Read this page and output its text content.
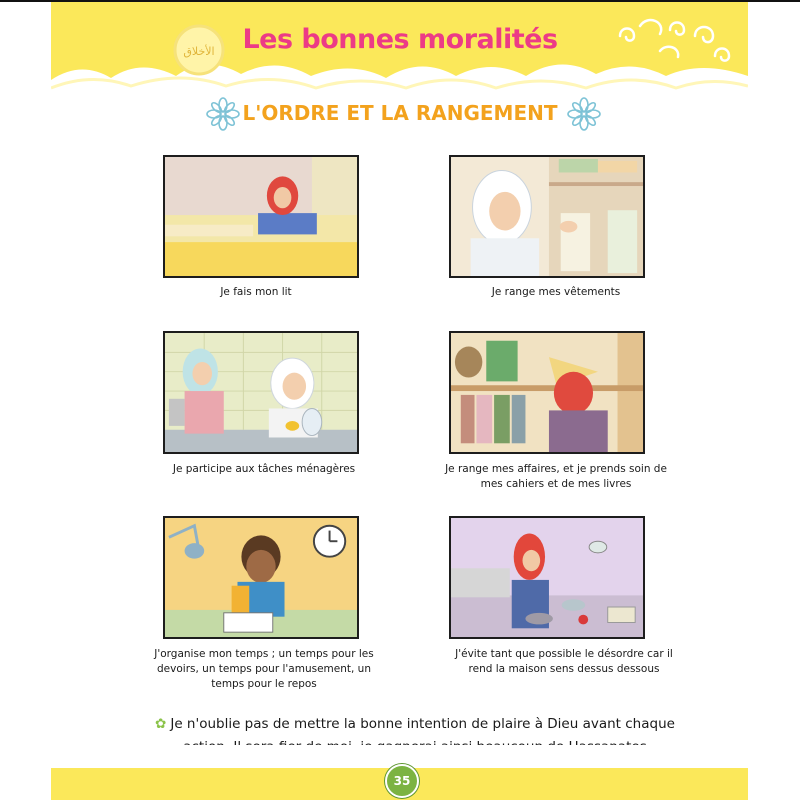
الأخلاق	Les bonnes moralités
L'ORDRE ET LA RANGEMENT
Je fais mon lit	Je range mes vêtements
Je participe aux tâches ménagères	Je range mes affaires, et je prends soin de mes cahiers et de mes livres
J'organise mon temps ; un temps pour les devoirs, un temps pour l'amusement, un temps pour le repos
J'évite tant que possible le désordre car il rend la maison sens dessus dessous
✿ Je n'oublie pas de mettre la bonne intention de plaire à Dieu avant chaque
35
